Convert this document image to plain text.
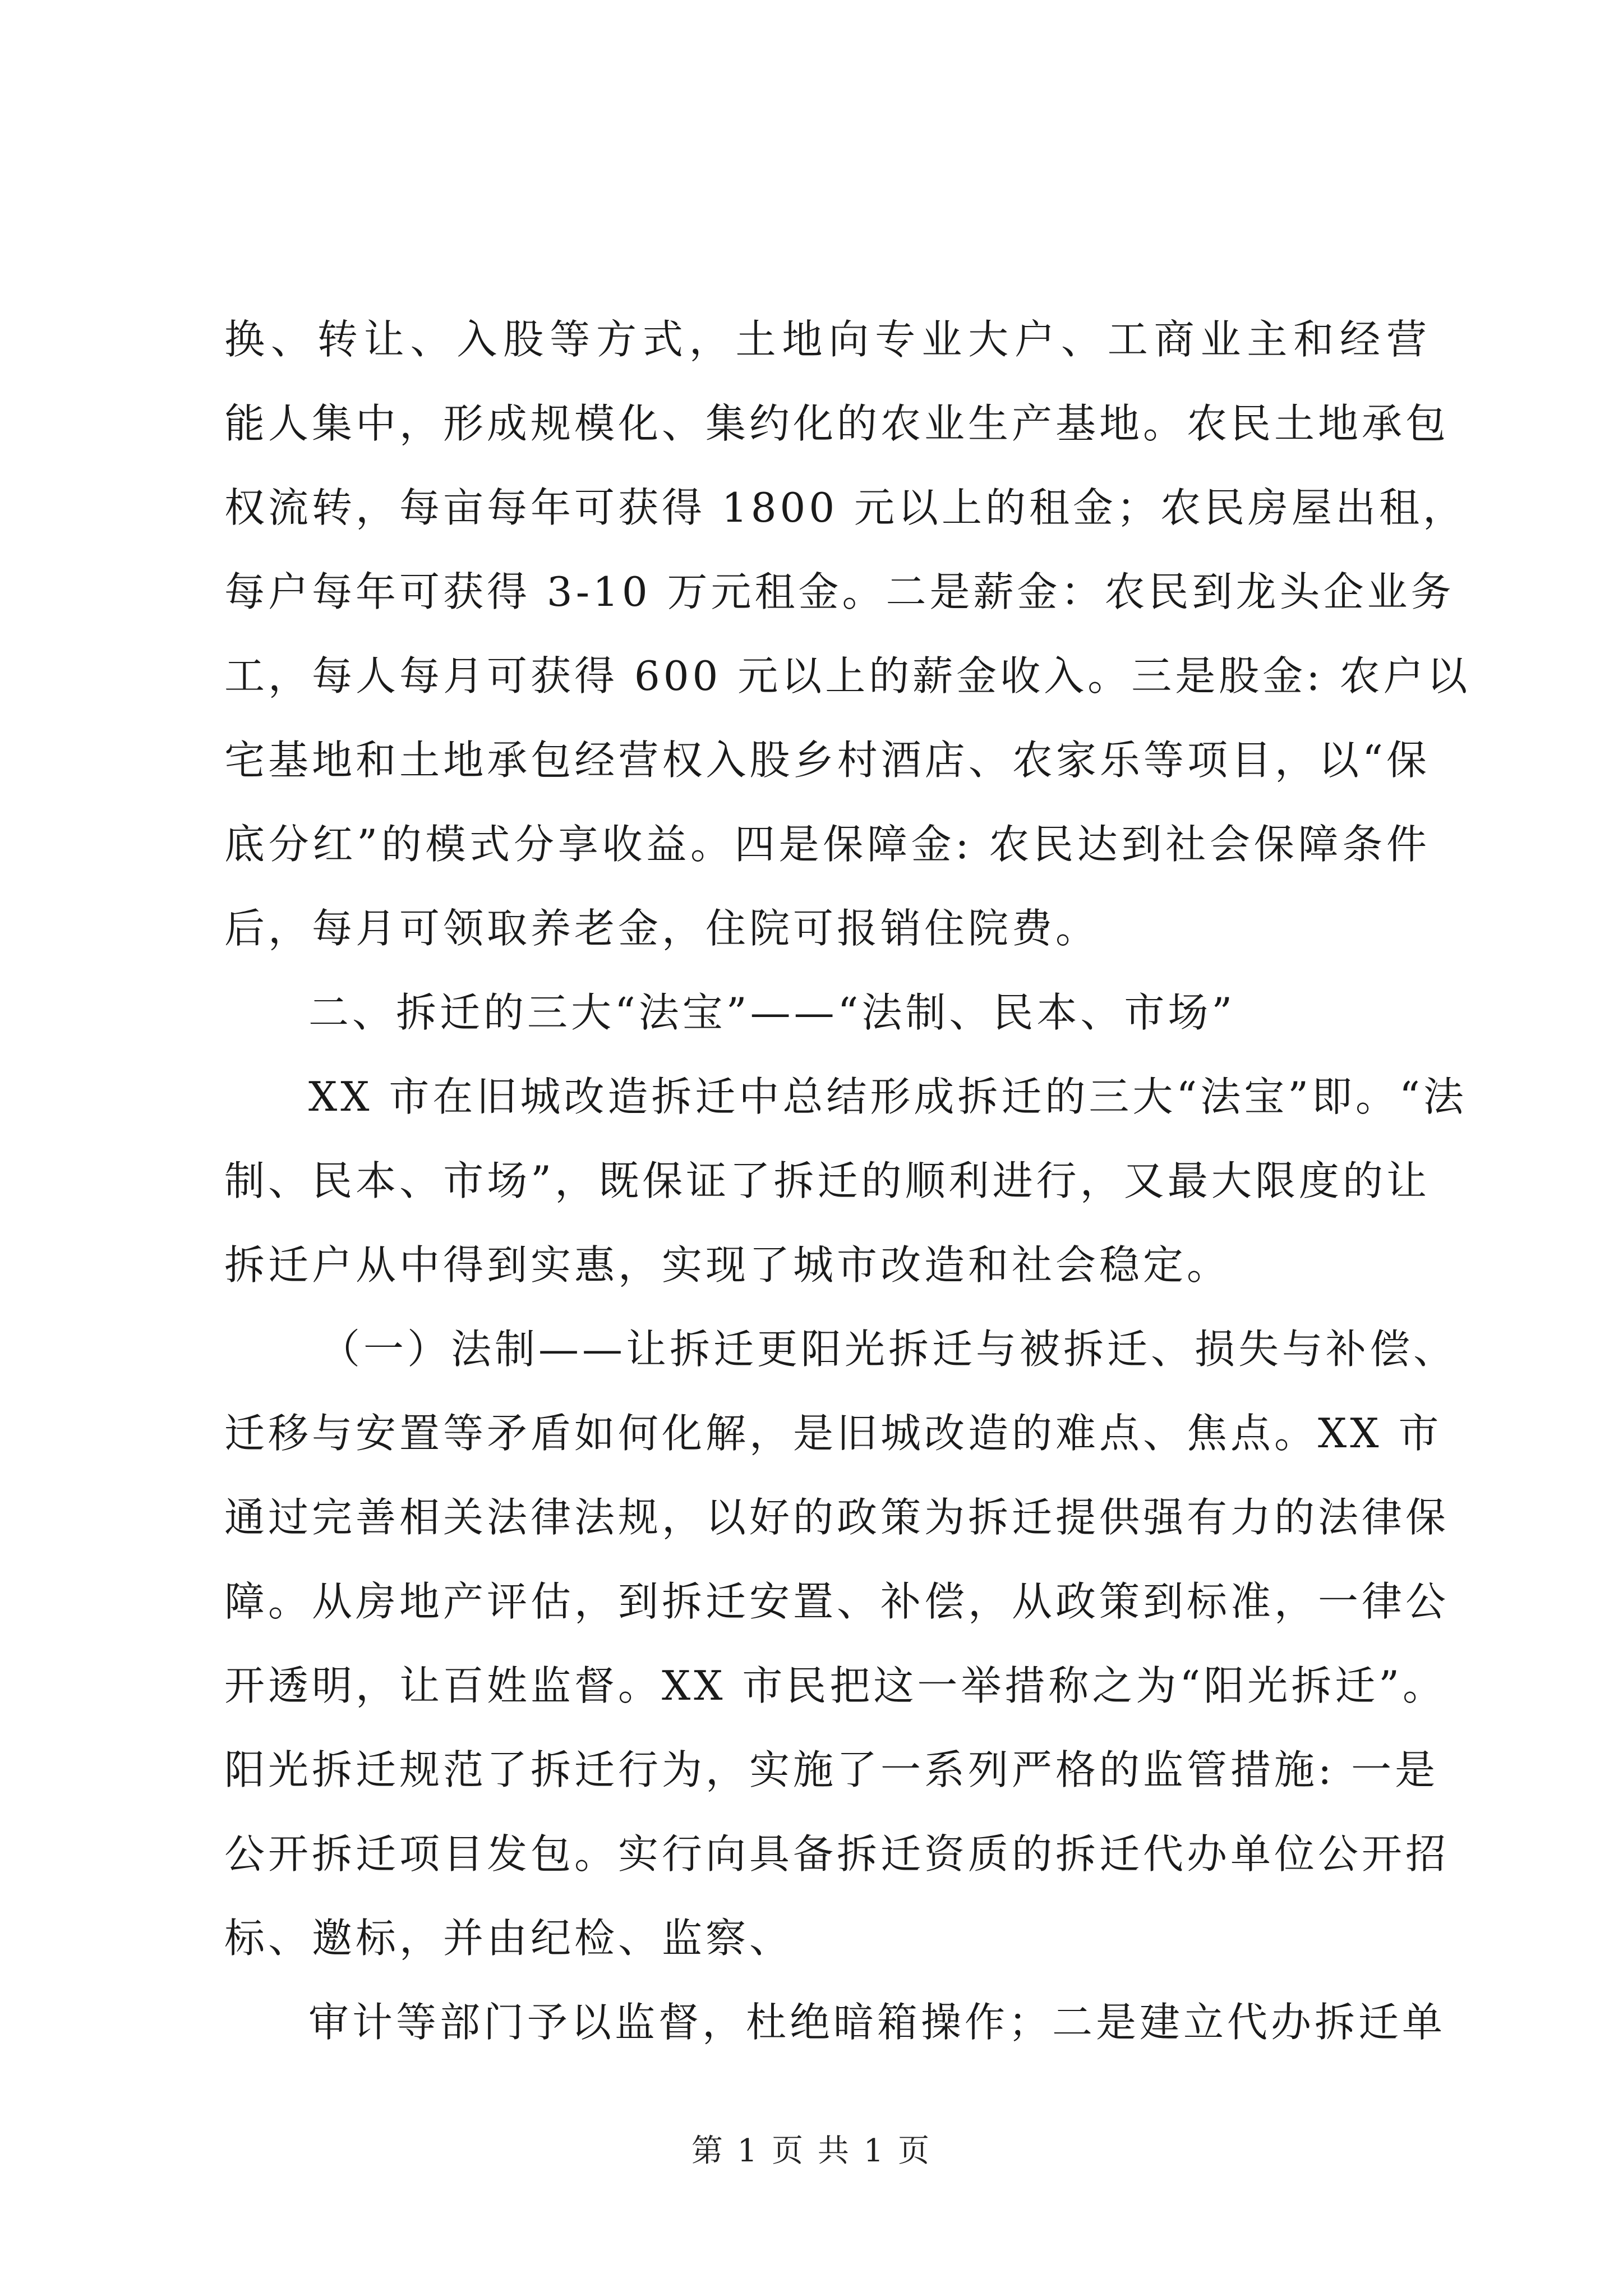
换、转让、入股等方式，土地向专业大户、工商业主和经营
能人集中，形成规模化、集约化的农业生产基地。农民土地承包
权流转，每亩每年可获得 1800 元以上的租金；农民房屋出租，
每户每年可获得 3-10 万元租金。二是薪金：农民到龙头企业务
工，每人每月可获得 600 元以上的薪金收入。三是股金: 农户以
宅基地和土地承包经营权入股乡村酒店、农家乐等项目，以“保
底分红”的模式分享收益。四是保障金: 农民达到社会保障条件
后，每月可领取养老金，住院可报销住院费。
二、拆迁的三大“法宝”——“法制、民本、市场”
XX 市在旧城改造拆迁中总结形成拆迁的三大“法宝”即。“法
制、民本、市场”，既保证了拆迁的顺利进行，又最大限度的让
拆迁户从中得到实惠，实现了城市改造和社会稳定。
（一）法制——让拆迁更阳光拆迁与被拆迁、损失与补偿、
迁移与安置等矛盾如何化解，是旧城改造的难点、焦点。XX 市
通过完善相关法律法规，以好的政策为拆迁提供强有力的法律保
障。从房地产评估，到拆迁安置、补偿，从政策到标准，一律公
开透明，让百姓监督。XX 市民把这一举措称之为“阳光拆迁”。
阳光拆迁规范了拆迁行为，实施了一系列严格的监管措施: 一是
公开拆迁项目发包。实行向具备拆迁资质的拆迁代办单位公开招
标、邀标，并由纪检、监察、
审计等部门予以监督，杜绝暗箱操作；二是建立代办拆迁单
第 1 页 共 1 页
